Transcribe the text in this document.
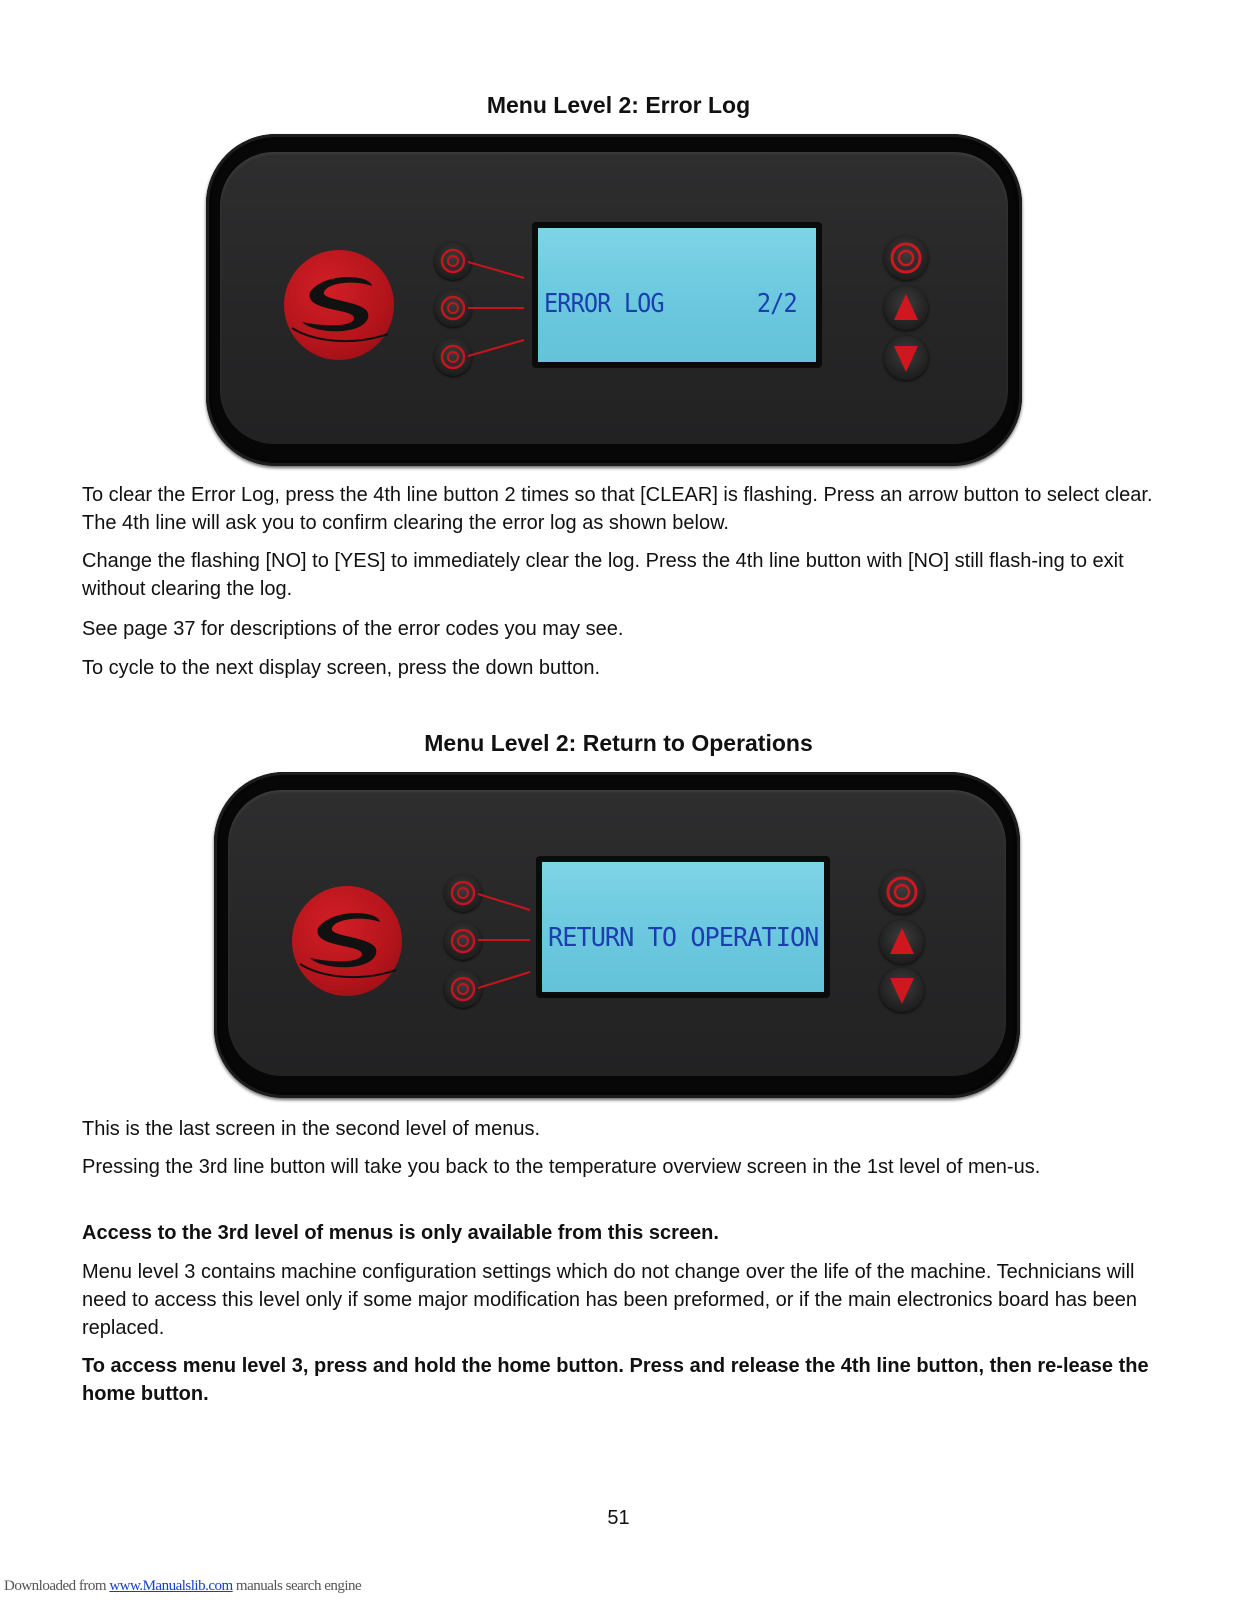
Menu Level 2: Error Log

ERROR LOG       2/2

To clear the Error Log, press the 4th line button 2 times so that [CLEAR] is flashing. Press an arrow button to select clear. The 4th line will ask you to confirm clearing the error log as shown below.
Change the flashing [NO] to [YES] to immediately clear the log. Press the 4th line button with [NO] still flash-ing to exit without clearing the log.
See page 37 for descriptions of the error codes you may see.
To cycle to the next display screen, press the down button.
Menu Level 2: Return to Operations

RETURN TO OPERATION

This is the last screen in the second level of menus.
Pressing the 3rd line button will take you back to the temperature overview screen in the 1st level of men-us.
Access to the 3rd level of menus is only available from this screen.
Menu level 3 contains machine configuration settings which do not change over the life of the machine. Technicians will need to access this level only if some major modification has been preformed, or if the main electronics board has been replaced.
To access menu level 3, press and hold the home button. Press and release the 4th line button, then re-lease the home button.
51
Downloaded from www.Manualslib.com manuals search engine
